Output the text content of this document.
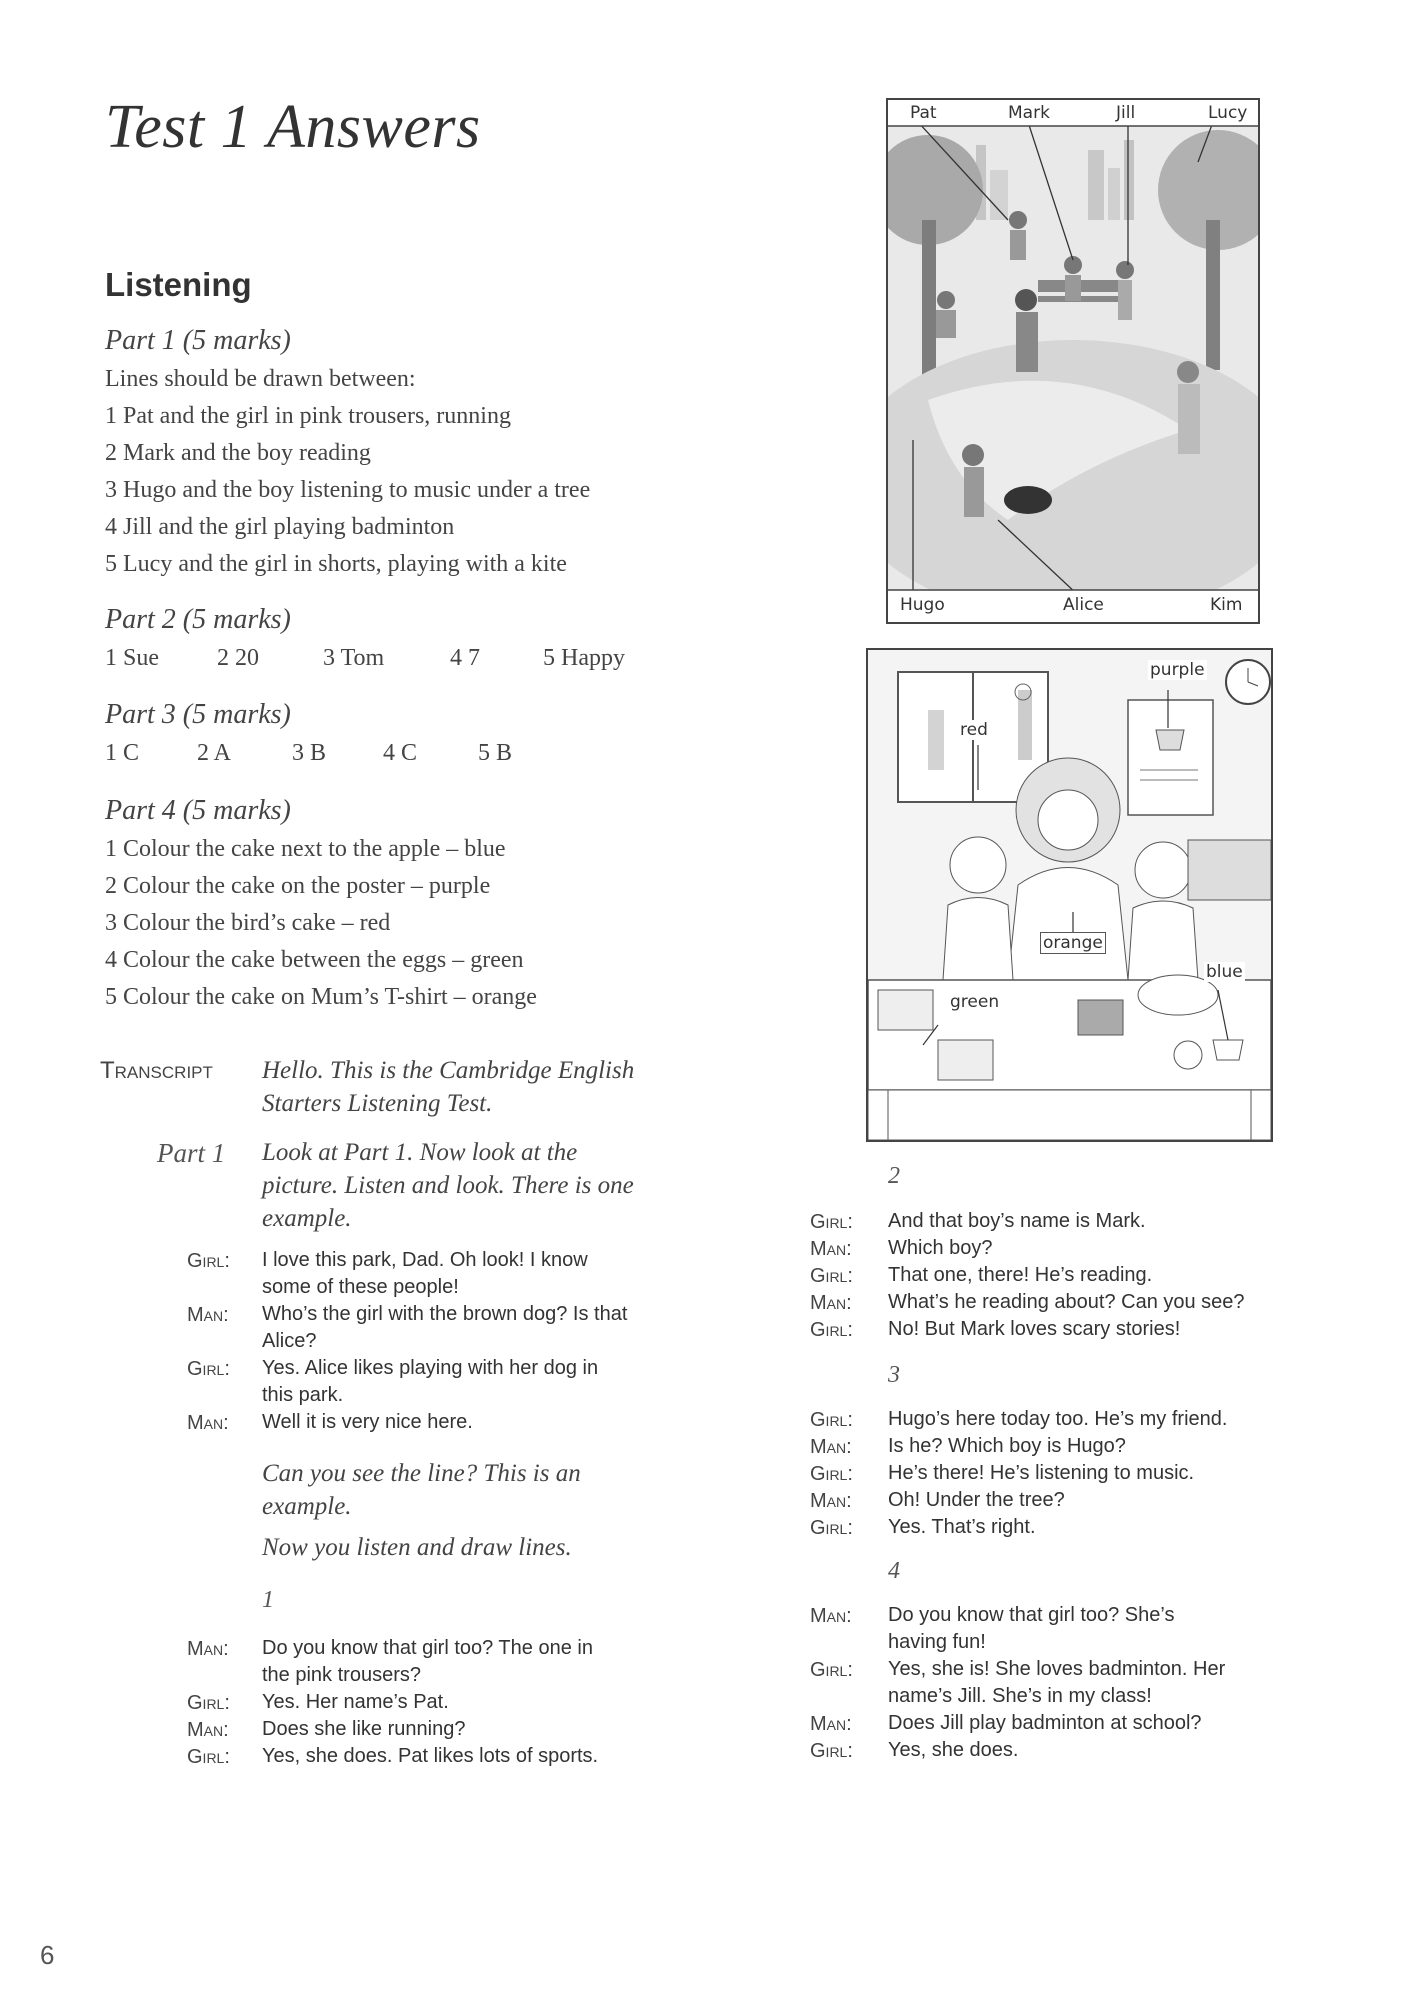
Test 1 Answers
Listening
Part 1 (5 marks)
Lines should be drawn between:
1 Pat and the girl in pink trousers, running
2 Mark and the boy reading
3 Hugo and the boy listening to music under a tree
4 Jill and the girl playing badminton
5 Lucy and the girl in shorts, playing with a kite
Part 2 (5 marks)
1 Sue 2 20	3 Tom	4 7	5 Happy
Part 3 (5 marks)
1 C 2 A	3 B 4 C	5 B
Part 4 (5 marks)
1 Colour the cake next to the apple – blue
2 Colour the cake on the poster – purple
3 Colour the bird’s cake – red
4 Colour the cake between the eggs – green
5 Colour the cake on Mum’s T-shirt – orange
Transcript Hello. This is the Cambridge English
Starters Listening Test.
Part 1 Look at Part 1. Now look at the
picture. Listen and look. There is one
example.
Girl: I love this park, Dad. Oh look! I know
some of these people!
Man: Who’s the girl with the brown dog? Is that
Alice?
Girl: Yes. Alice likes playing with her dog in
this park.
Man: Well it is very nice here.
Can you see the line? This is an
example.
Now you listen and draw lines.
1
Man: Do you know that girl too? The one in
the pink trousers?
Girl: Yes. Her name’s Pat.
Man: Does she like running?
Girl: Yes, she does. Pat likes lots of sports.
Pat	Mark	Jill	Lucy
Hugo	Alice	Kim
purple
red
orange
green
blue
2
Girl: And that boy’s name is Mark.
Man: Which boy?
Girl: That one, there! He’s reading.
Man: What’s he reading about? Can you see?
Girl: No! But Mark loves scary stories!
3
Girl: Hugo’s here today too. He’s my friend.
Man: Is he? Which boy is Hugo?
Girl: He’s there! He’s listening to music.
Man: Oh! Under the tree?
Girl: Yes. That’s right.
4
Man: Do you know that girl too? She’s
having fun!
Girl: Yes, she is! She loves badminton. Her
name’s Jill. She’s in my class!
Man: Does Jill play badminton at school?
Girl: Yes, she does.
6
